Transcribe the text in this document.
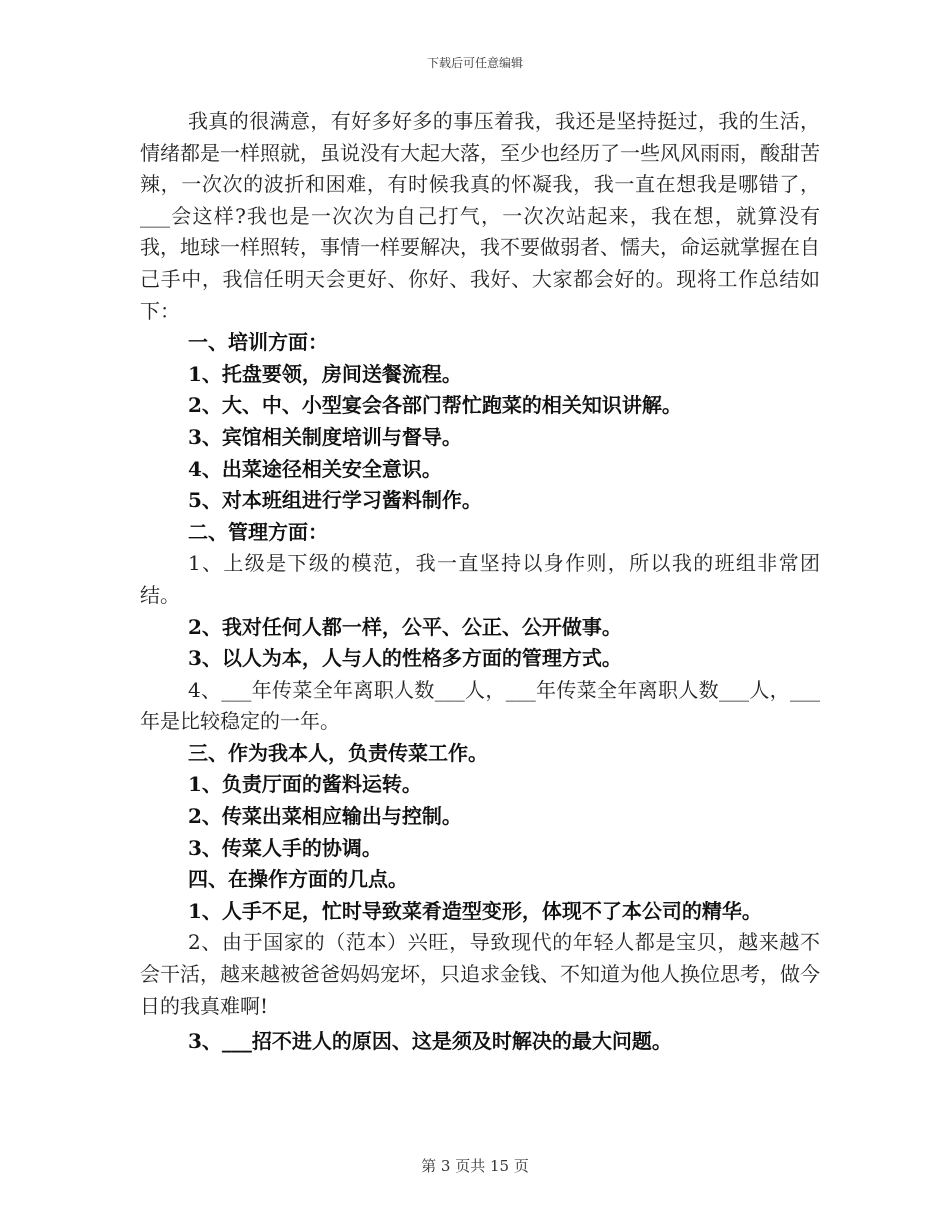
下载后可任意编辑

我真的很满意，有好多好多的事压着我，我还是坚持挺过，我的生活，情绪都是一样照就，虽说没有大起大落，至少也经历了一些风风雨雨，酸甜苦辣，一次次的波折和困难，有时候我真的怀凝我，我一直在想我是哪错了，___会这样?我也是一次次为自己打气，一次次站起来，我在想，就算没有我，地球一样照转，事情一样要解决，我不要做弱者、懦夫，命运就掌握在自己手中，我信任明天会更好、你好、我好、大家都会好的。现将工作总结如下：

一、培训方面：

1、托盘要领，房间送餐流程。

2、大、中、小型宴会各部门帮忙跑菜的相关知识讲解。

3、宾馆相关制度培训与督导。

4、出菜途径相关安全意识。

5、对本班组进行学习酱料制作。

二、管理方面：

1、上级是下级的模范，我一直坚持以身作则，所以我的班组非常团结。

2、我对任何人都一样，公平、公正、公开做事。

3、以人为本，人与人的性格多方面的管理方式。

4、___年传菜全年离职人数___人，___年传菜全年离职人数___人，___年是比较稳定的一年。

三、作为我本人，负责传菜工作。

1、负责厅面的酱料运转。

2、传菜出菜相应输出与控制。

3、传菜人手的协调。

四、在操作方面的几点。

1、人手不足，忙时导致菜肴造型变形，体现不了本公司的精华。

2、由于国家的（范本）兴旺，导致现代的年轻人都是宝贝，越来越不会干活，越来越被爸爸妈妈宠坏，只追求金钱、不知道为他人换位思考，做今日的我真难啊!

3、___招不进人的原因、这是须及时解决的最大问题。

第 3 页共 15 页
